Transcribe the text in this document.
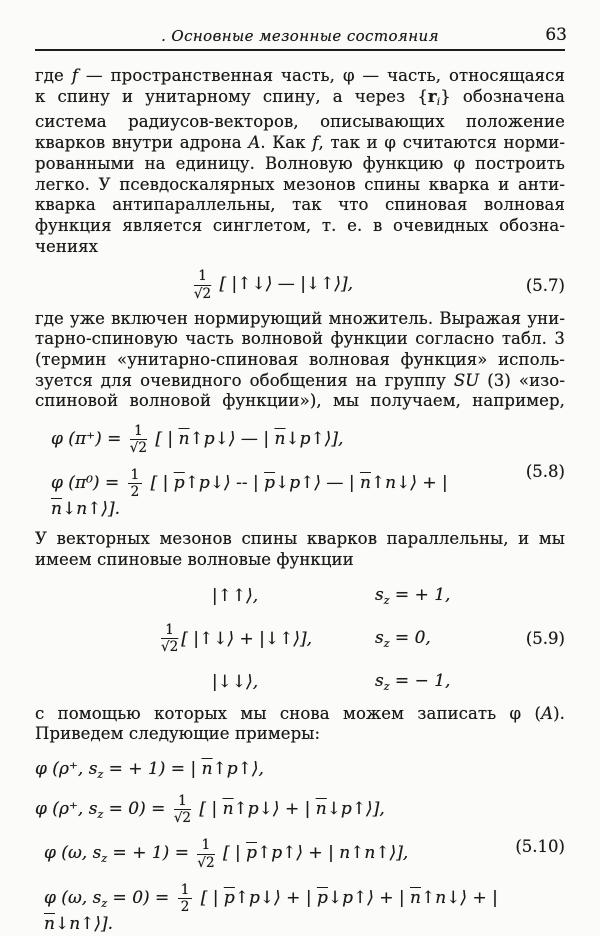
. Основные мезонные состояния	63
где f — пространственная часть, φ — часть, относящаяся
к спину и унитарному спину, а через {ri} обозначена
система радиусов-векторов, описывающих положение
кварков внутри адрона A. Как f, так и φ считаются норми-
рованными на единицу. Волновую функцию φ построить
легко. У псевдоскалярных мезонов спины кварка и анти-
кварка антипараллельны, так что спиновая волновая
функция является синглетом, т. е. в очевидных обозна-
чениях
$\frac{1}{√2}$ [ |↑↓⟩ — |↓↑⟩],	(5.7)
где уже включен нормирующий множитель. Выражая уни-
тарно-спиновую часть волновой функции согласно табл. 3
(термин «унитарно-спиновая волновая функция» исполь-
зуется для очевидного обобщения на группу SU (3) «изо-
спиновой волновой функции»), мы получаем, например,
φ $(\pi^+) = \frac{1}{√2}$ [ | $\overline{n}↑p↓⟩$ — | $\overline{n}↓p↑⟩$],
φ $(\pi^0) = \frac{1}{2}$ [ | $\overline{p}↑p↓⟩$ -- | $\overline{p}↓p↑⟩$ — | $\overline{n}↑n↓⟩$ + | $\overline{n}↓n↑⟩$].
(5.8)
У векторных мезонов спины кварков параллельны, и мы
имеем спиновые волновые функции
|↑↑⟩,	$s_z$ = + 1,
$\frac{1}{√2}$ [ |↑↓⟩ + |↓↑⟩],	$s_z = 0$,
|↓↓⟩,	$s_z$ = − 1,
(5.9)
с помощью которых мы снова можем записать φ (A).
Приведем следующие примеры:
φ (ρ⁺, $s_z$ = + 1) = | $\overline{n}↑p↑⟩$,
φ (ρ⁺, $s_z = 0) = \frac{1}{√2}$ [ | $\overline{n}↑p↓⟩$ + | $\overline{n}↓p↑⟩$],
φ (ω, $s_z$ = + $1) = \frac{1}{√2}$ [ | $\overline{p}↑p↑⟩$ + | n↑n↑⟩],
φ (ω, $s_z = 0) = \frac{1}{2}$ [ | $\overline{p}↑p↓⟩$ + | $\overline{p}↓p↑⟩$ + | $\overline{n}↑n↓⟩$ + | $\overline{n}↓n↑⟩$].
(5.10)
